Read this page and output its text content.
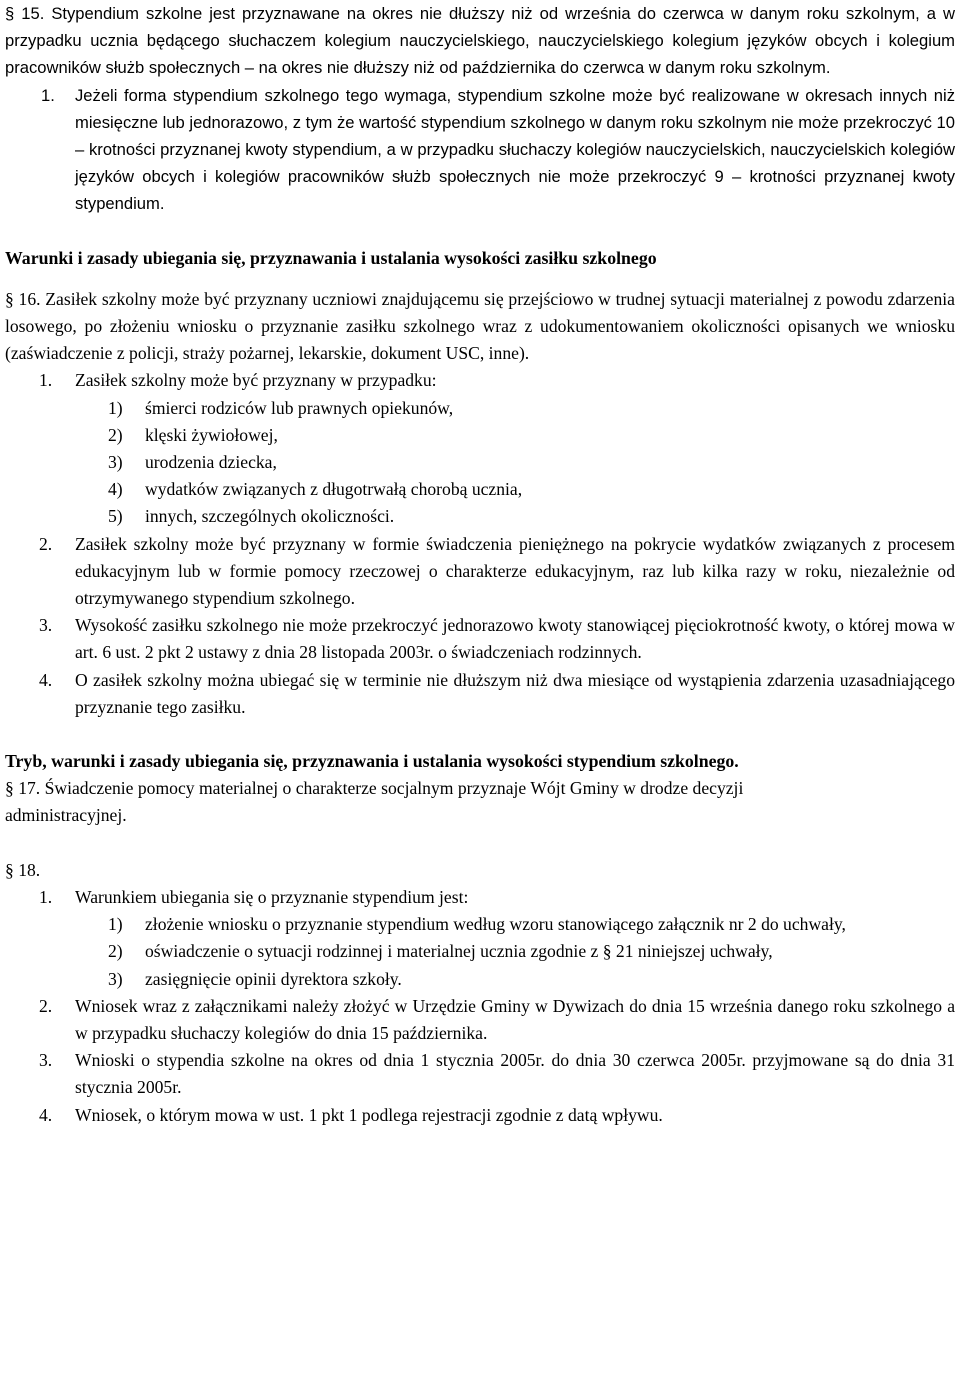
§ 15. Stypendium szkolne jest przyznawane na okres nie dłuższy niż od września do czerwca w danym roku szkolnym, a w przypadku ucznia będącego słuchaczem kolegium nauczycielskiego, nauczycielskiego kolegium języków obcych i kolegium pracowników służb społecznych – na okres nie dłuższy niż od października do czerwca w danym roku szkolnym.

1. Jeżeli forma stypendium szkolnego tego wymaga, stypendium szkolne może być realizowane w okresach innych niż miesięczne lub jednorazowo, z tym że wartość stypendium szkolnego w danym roku szkolnym nie może przekroczyć 10 – krotności przyznanej kwoty stypendium, a w przypadku słuchaczy kolegiów nauczycielskich, nauczycielskich kolegiów języków obcych i kolegiów pracowników służb społecznych nie może przekroczyć 9 – krotności przyznanej kwoty stypendium.

Warunki i zasady ubiegania się, przyznawania i ustalania wysokości zasiłku szkolnego

§ 16. Zasiłek szkolny może być przyznany uczniowi znajdującemu się przejściowo w trudnej sytuacji materialnej z powodu zdarzenia losowego, po złożeniu wniosku o przyznanie zasiłku szkolnego wraz z udokumentowaniem okoliczności opisanych we wniosku (zaświadczenie z policji, straży pożarnej, lekarskie, dokument USC, inne).

1. Zasiłek szkolny może być przyznany w przypadku:
1) śmierci rodziców lub prawnych opiekunów,
2) klęski żywiołowej,
3) urodzenia dziecka,
4) wydatków związanych z długotrwałą chorobą ucznia,
5) innych, szczególnych okoliczności.
2. Zasiłek szkolny może być przyznany w formie świadczenia pieniężnego na pokrycie wydatków związanych z procesem edukacyjnym lub w formie pomocy rzeczowej o charakterze edukacyjnym, raz lub kilka razy w roku, niezależnie od otrzymywanego stypendium szkolnego.
3. Wysokość zasiłku szkolnego nie może przekroczyć jednorazowo kwoty stanowiącej pięciokrotność kwoty, o której mowa w art. 6 ust. 2 pkt 2 ustawy z dnia 28 listopada 2003r. o świadczeniach rodzinnych.
4. O zasiłek szkolny można ubiegać się w terminie nie dłuższym niż dwa miesiące od wystąpienia zdarzenia uzasadniającego przyznanie tego zasiłku.

Tryb, warunki i zasady ubiegania się, przyznawania i ustalania wysokości stypendium szkolnego.

§ 17. Świadczenie pomocy materialnej o charakterze socjalnym przyznaje Wójt Gminy w drodze decyzji administracyjnej.

§ 18.

1. Warunkiem ubiegania się o przyznanie stypendium jest:
1) złożenie wniosku o przyznanie stypendium według wzoru stanowiącego załącznik nr 2 do uchwały,
2) oświadczenie o sytuacji rodzinnej i materialnej ucznia zgodnie z § 21 niniejszej uchwały,
3) zasięgnięcie opinii dyrektora szkoły.
2. Wniosek wraz z załącznikami należy złożyć w Urzędzie Gminy w Dywizach do dnia 15 września danego roku szkolnego a w przypadku słuchaczy kolegiów do dnia 15 października.
3. Wnioski o stypendia szkolne na okres od dnia 1 stycznia 2005r. do dnia 30 czerwca 2005r. przyjmowane są do dnia 31 stycznia 2005r.
4. Wniosek, o którym mowa w ust. 1 pkt 1 podlega rejestracji zgodnie z datą wpływu.
